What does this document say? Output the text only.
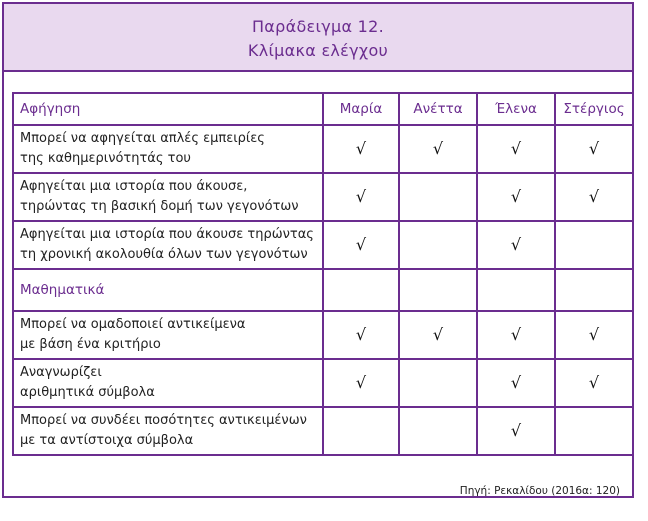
Παράδειγμα 12.
Κλίμακα ελέγχου
Αφήγηση	Μαρία	Ανέττα	Έλενα	Στέργιος

Μπορεί να αφηγείται απλές εμπειρίες
της καθημερινότητάς του	√	√	√	√

Αφηγείται μια ιστορία που άκουσε,
τηρώντας τη βασική δομή των γεγονότων	√		√	√

Αφηγείται μια ιστορία που άκουσε τηρώντας
τη χρονική ακολουθία όλων των γεγονότων	√		√	
Μαθηματικά				

Μπορεί να ομαδοποιεί αντικείμενα
με βάση ένα κριτήριο	√	√	√	√

Αναγνωρίζει
αριθμητικά σύμβολα	√		√	√

Μπορεί να συνδέει ποσότητες αντικειμένων
με τα αντίστοιχα σύμβολα			√	
Πηγή: Ρεκαλίδου (2016α: 120)
